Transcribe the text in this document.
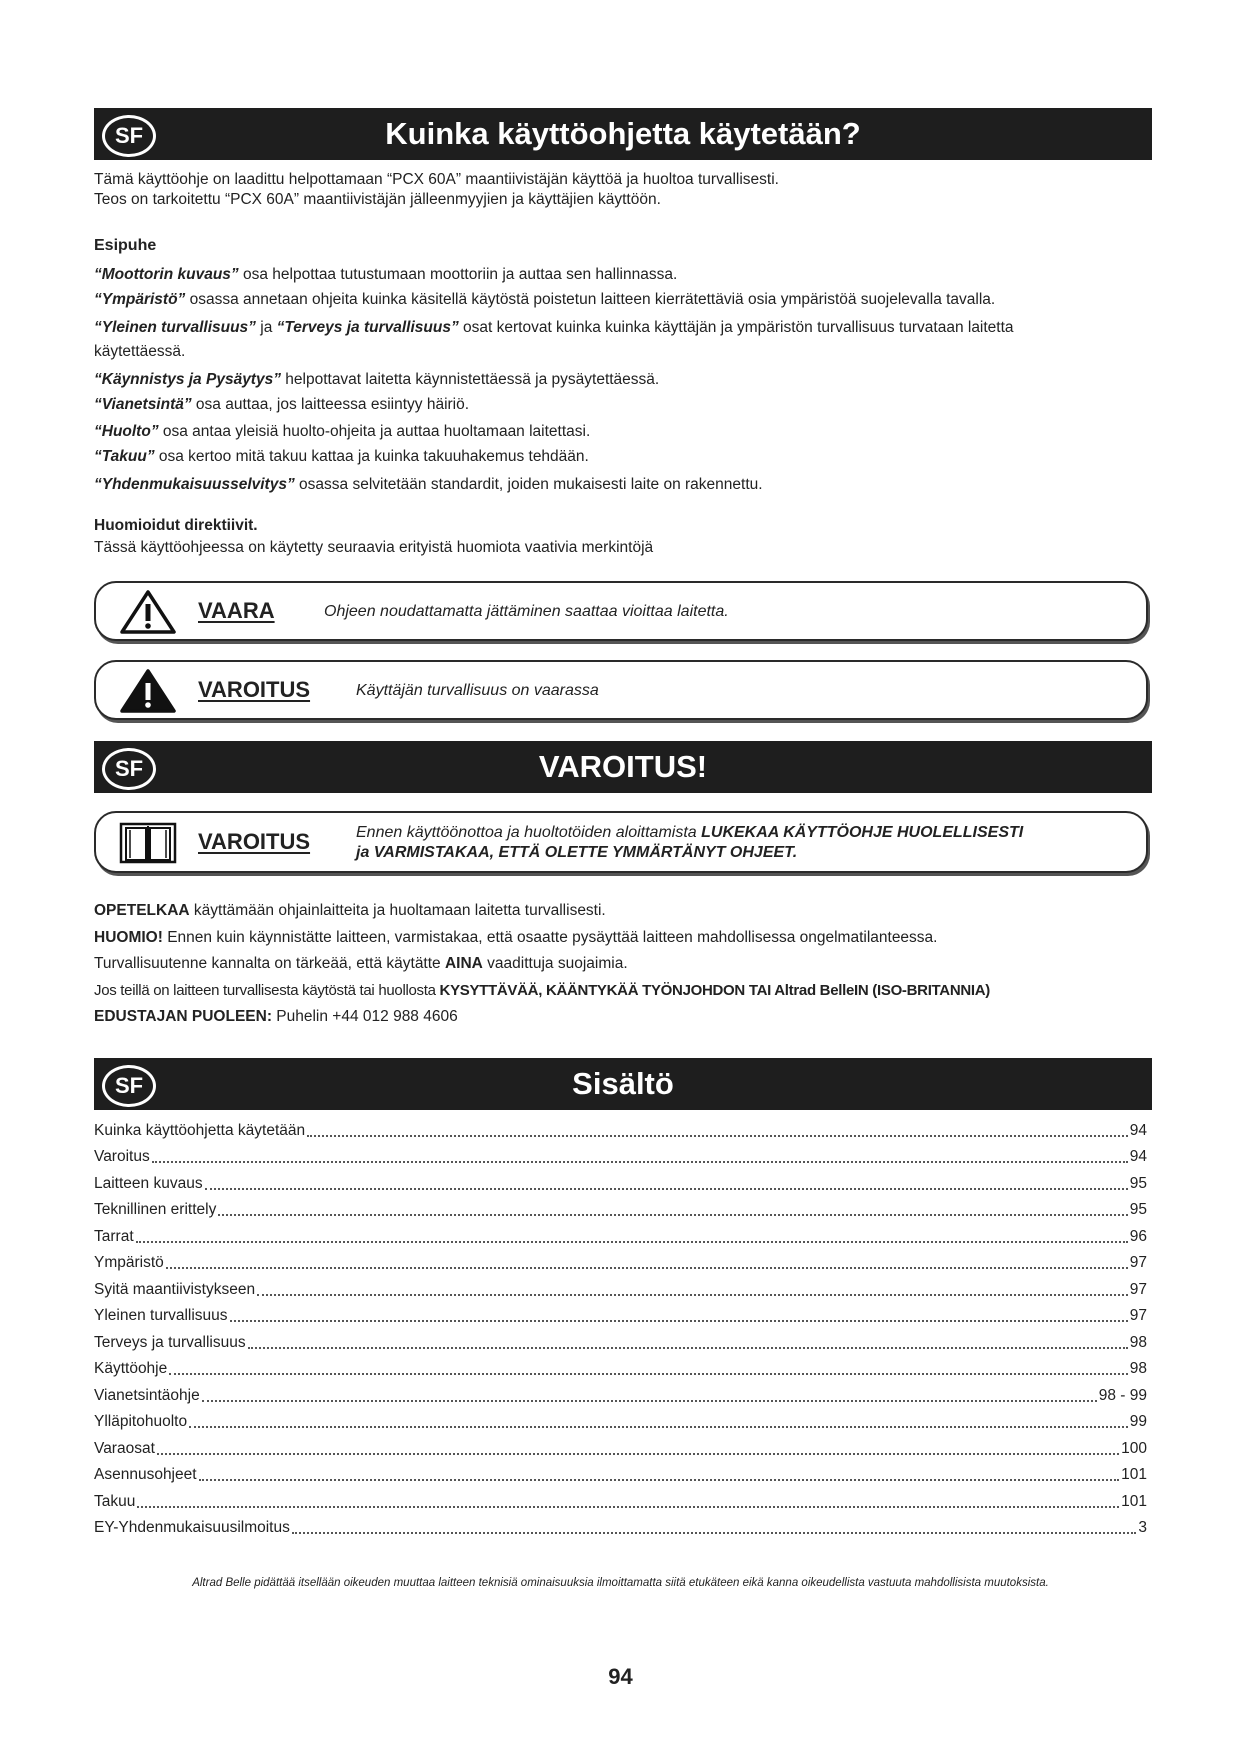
SF	Kuinka käyttöohjetta käytetään?
Tämä käyttöohje on laadittu helpottamaan “PCX 60A” maantiivistäjän käyttöä ja huoltoa turvallisesti.
Teos on tarkoitettu “PCX 60A” maantiivistäjän jälleenmyyjien ja käyttäjien käyttöön.
Esipuhe
“Moottorin kuvaus” osa helpottaa tutustumaan moottoriin ja auttaa sen hallinnassa.
“Ympäristö” osassa annetaan ohjeita kuinka käsitellä käytöstä poistetun laitteen kierrätettäviä osia ympäristöä suojelevalla tavalla.
“Yleinen turvallisuus” ja “Terveys ja turvallisuus” osat kertovat kuinka kuinka käyttäjän ja ympäristön turvallisuus turvataan laitetta
käytettäessä.
“Käynnistys ja Pysäytys” helpottavat laitetta käynnistettäessä ja pysäytettäessä.
“Vianetsintä” osa auttaa, jos laitteessa esiintyy häiriö.
“Huolto” osa antaa yleisiä huolto-ohjeita ja auttaa huoltamaan laitettasi.
“Takuu” osa kertoo mitä takuu kattaa ja kuinka takuuhakemus tehdään.
“Yhdenmukaisuusselvitys” osassa selvitetään standardit, joiden mukaisesti laite on rakennettu.
Huomioidut direktiivit.
Tässä käyttöohjeessa on käytetty seuraavia erityistä huomiota vaativia merkintöjä
VAARA	Ohjeen noudattamatta jättäminen saattaa vioittaa laitetta.
VAROITUS	Käyttäjän turvallisuus on vaarassa
SF	VAROITUS!
VAROITUS	Ennen käyttöönottoa ja huoltotöiden aloittamista LUKEKAA KÄYTTÖOHJE HUOLELLISESTI
ja VARMISTAKAA, ETTÄ OLETTE YMMÄRTÄNYT OHJEET.
OPETELKAA käyttämään ohjainlaitteita ja huoltamaan laitetta turvallisesti.
HUOMIO! Ennen kuin käynnistätte laitteen, varmistakaa, että osaatte pysäyttää laitteen mahdollisessa ongelmatilanteessa.
Turvallisuutenne kannalta on tärkeää, että käytätte AINA vaadittuja suojaimia.
Jos teillä on laitteen turvallisesta käytöstä tai huollosta KYSYTTÄVÄÄ, KÄÄNTYKÄÄ TYÖNJOHDON TAI Altrad BelleIN (ISO-BRITANNIA)
EDUSTAJAN PUOLEEN: Puhelin +44 012 988 4606
SF	Sisältö
Kuinka käyttöohjetta käytetään	94
Varoitus	94
Laitteen kuvaus	95
Teknillinen erittely	95
Tarrat	96
Ympäristö	97
Syitä maantiivistykseen	97
Yleinen turvallisuus	97
Terveys ja turvallisuus	98
Käyttöohje	98
Vianetsintäohje	98 - 99
Ylläpitohuolto	99
Varaosat	100
Asennusohjeet	101
Takuu	101
EY-Yhdenmukaisuusilmoitus	3
Altrad Belle pidättää itsellään oikeuden muuttaa laitteen teknisiä ominaisuuksia ilmoittamatta siitä etukäteen eikä kanna oikeudellista vastuuta mahdollisista muutoksista.
94
